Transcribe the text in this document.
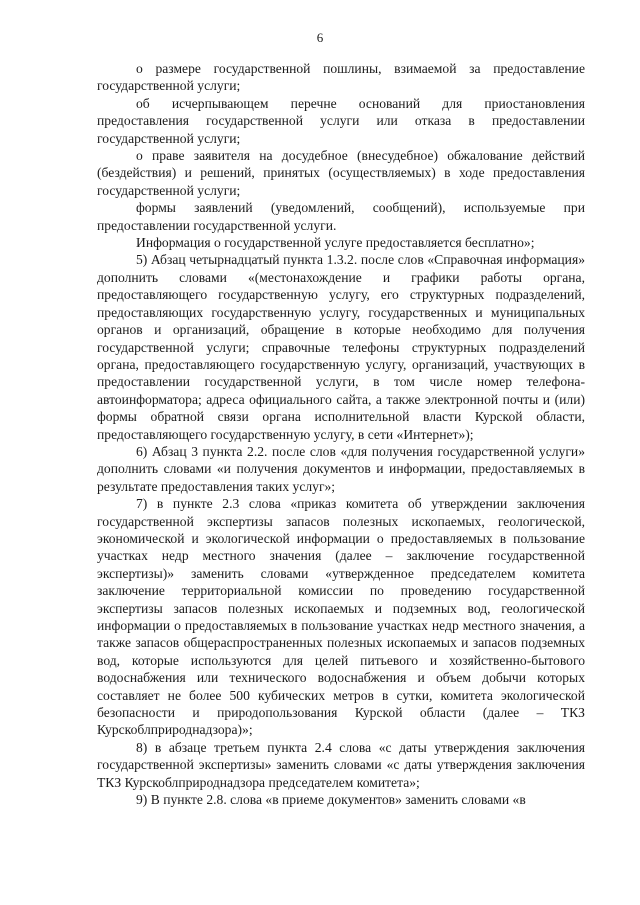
6

о размере государственной пошлины, взимаемой за предоставление государственной услуги;

об исчерпывающем перечне оснований для приостановления предоставления государственной услуги или отказа в предоставлении государственной услуги;

о праве заявителя на досудебное (внесудебное) обжалование действий (бездействия) и решений, принятых (осуществляемых) в ходе предоставления государственной услуги;

формы заявлений (уведомлений, сообщений), используемые при предоставлении государственной услуги.

Информация о государственной услуге предоставляется бесплатно»;

5) Абзац четырнадцатый пункта 1.3.2. после слов «Справочная информация» дополнить словами «(местонахождение и графики работы органа, предоставляющего государственную услугу, его структурных подразделений, предоставляющих государственную услугу, государственных и муниципальных органов и организаций, обращение в которые необходимо для получения государственной услуги; справочные телефоны структурных подразделений органа, предоставляющего государственную услугу, организаций, участвующих в предоставлении государственной услуги, в том числе номер телефона-автоинформатора; адреса официального сайта, а также электронной почты и (или) формы обратной связи органа исполнительной власти Курской области, предоставляющего государственную услугу, в сети «Интернет»);

6) Абзац 3 пункта 2.2. после слов «для получения государственной услуги» дополнить словами «и получения документов и информации, предоставляемых в результате предоставления таких услуг»;

7) в пункте 2.3 слова «приказ комитета об утверждении заключения государственной экспертизы запасов полезных ископаемых, геологической, экономической и экологической информации о предоставляемых в пользование участках недр местного значения (далее – заключение государственной экспертизы)» заменить словами «утвержденное председателем комитета заключение территориальной комиссии по проведению государственной экспертизы запасов полезных ископаемых и подземных вод, геологической информации о предоставляемых в пользование участках недр местного значения, а также запасов общераспространенных полезных ископаемых и запасов подземных вод, которые используются для целей питьевого и хозяйственно-бытового водоснабжения или технического водоснабжения и объем добычи которых составляет не более 500 кубических метров в сутки, комитета экологической безопасности и природопользования Курской области (далее – ТКЗ Курскоблприроднадзора)»;

8) в абзаце третьем пункта 2.4 слова «с даты утверждения заключения государственной экспертизы» заменить словами «с даты утверждения заключения ТКЗ Курскоблприроднадзора председателем комитета»;

9) В пункте 2.8. слова «в приеме документов» заменить словами «в
